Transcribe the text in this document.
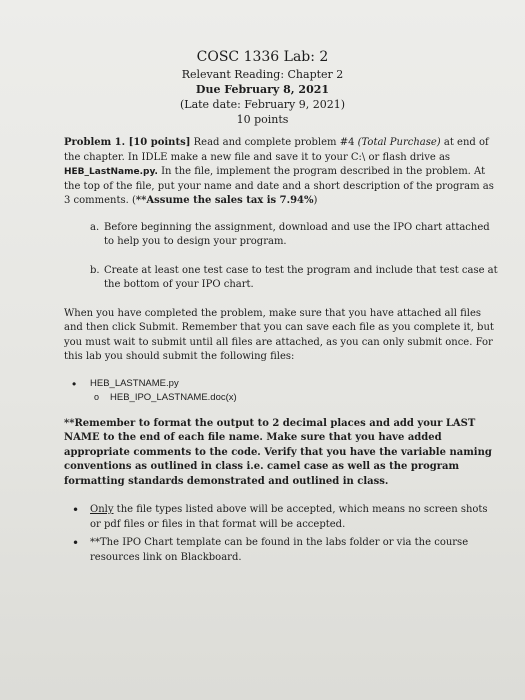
COSC 1336 Lab: 2
Relevant Reading: Chapter 2
Due February 8, 2021
(Late date: February 9, 2021)
10 points

Problem 1. [10 points] Read and complete problem #4 (Total Purchase) at end of the chapter. In IDLE make a new file and save it to your C:\ or flash drive as HEB_LastName.py. In the file, implement the program described in the problem. At the top of the file, put your name and date and a short description of the program as 3 comments. (**Assume the sales tax is 7.94%)

a. Before beginning the assignment, download and use the IPO chart attached to help you to design your program.
b. Create at least one test case to test the program and include that test case at the bottom of your IPO chart.

When you have completed the problem, make sure that you have attached all files and then click Submit. Remember that you can save each file as you complete it, but you must wait to submit until all files are attached, as you can only submit once. For this lab you should submit the following files:

• HEB_LASTNAME.py
o HEB_IPO_LASTNAME.doc(x)

**Remember to format the output to 2 decimal places and add your LAST NAME to the end of each file name. Make sure that you have added appropriate comments to the code. Verify that you have the variable naming conventions as outlined in class i.e. camel case as well as the program formatting standards demonstrated and outlined in class.

• Only the file types listed above will be accepted, which means no screen shots or pdf files or files in that format will be accepted.
• **The IPO Chart template can be found in the labs folder or via the course resources link on Blackboard.
